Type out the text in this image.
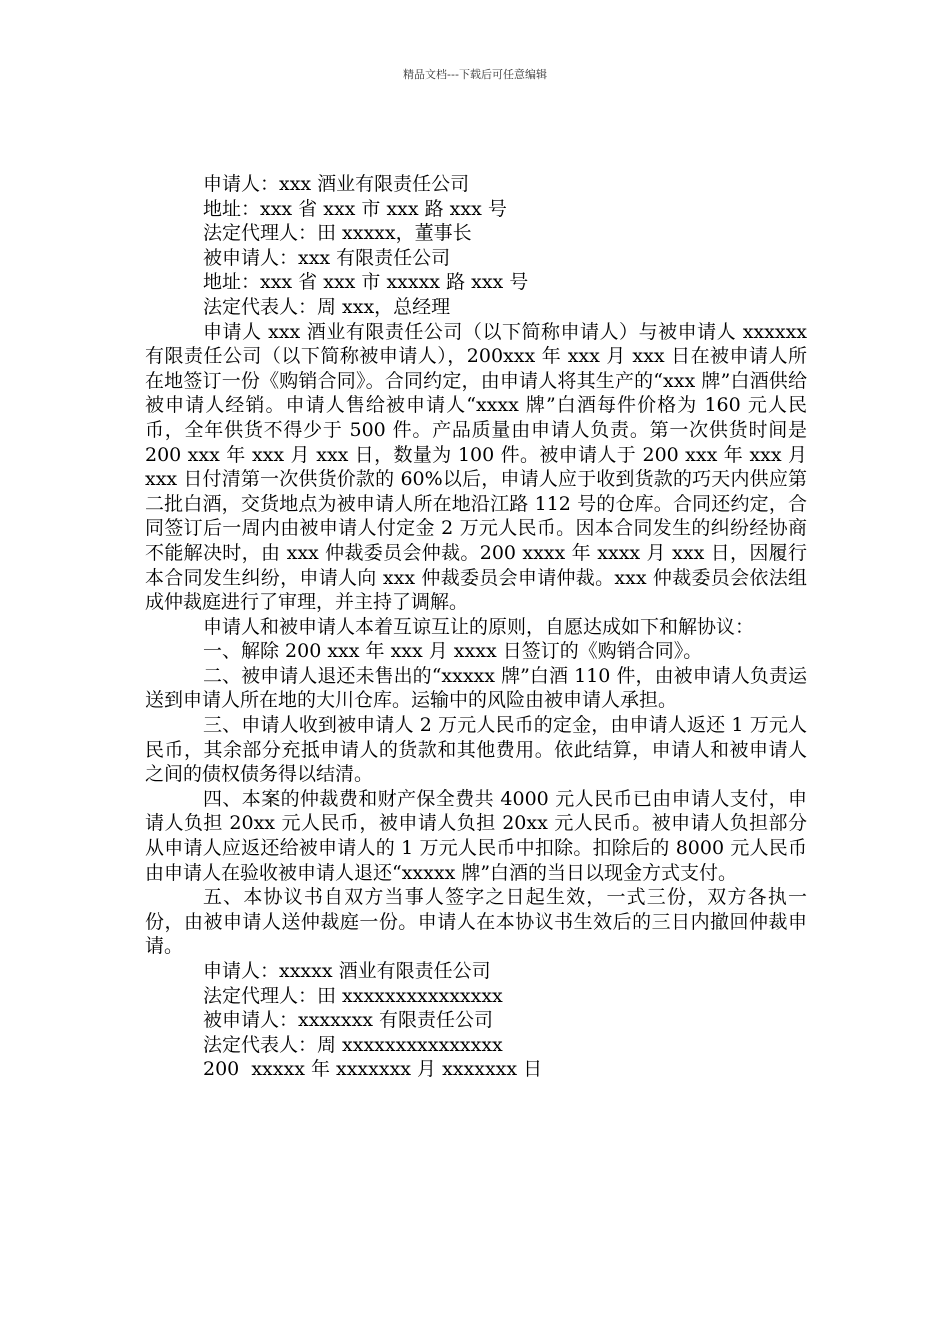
精品文档---下载后可任意编辑

申请人：xxx 酒业有限责任公司

地址：xxx 省 xxx 市 xxx 路 xxx 号

法定代理人：田 xxxxx，董事长

被申请人：xxx 有限责任公司

地址：xxx 省 xxx 市 xxxxx 路 xxx 号

法定代表人：周 xxx，总经理

申请人 xxx 酒业有限责任公司（以下简称申请人）与被申请人 xxxxxx 有限责任公司（以下简称被申请人），200xxx 年 xxx 月 xxx 日在被申请人所在地签订一份《购销合同》。合同约定，由申请人将其生产的“xxx 牌”白酒供给被申请人经销。申请人售给被申请人“xxxx 牌”白酒每件价格为 160 元人民币，全年供货不得少于 500 件。产品质量由申请人负责。第一次供货时间是 200 xxx 年 xxx 月 xxx 日，数量为 100 件。被申请人于 200 xxx 年 xxx 月 xxx 日付清第一次供货价款的 60%以后，申请人应于收到货款的巧天内供应第二批白酒，交货地点为被申请人所在地沿江路 112 号的仓库。合同还约定，合同签订后一周内由被申请人付定金 2 万元人民币。因本合同发生的纠纷经协商不能解决时，由 xxx 仲裁委员会仲裁。200 xxxx 年 xxxx 月 xxx 日，因履行本合同发生纠纷，申请人向 xxx 仲裁委员会申请仲裁。xxx 仲裁委员会依法组成仲裁庭进行了审理，并主持了调解。

申请人和被申请人本着互谅互让的原则，自愿达成如下和解协议：

一、解除 200 xxx 年 xxx 月 xxxx 日签订的《购销合同》。

二、被申请人退还未售出的“xxxxx 牌”白酒 110 件，由被申请人负责运送到申请人所在地的大川仓库。运输中的风险由被申请人承担。

三、申请人收到被申请人 2 万元人民币的定金，由申请人返还 1 万元人民币，其余部分充抵申请人的货款和其他费用。依此结算，申请人和被申请人之间的债权债务得以结清。

四、本案的仲裁费和财产保全费共 4000 元人民币已由申请人支付，申请人负担 20xx 元人民币，被申请人负担 20xx 元人民币。被申请人负担部分从申请人应返还给被申请人的 1 万元人民币中扣除。扣除后的 8000 元人民币由申请人在验收被申请人退还“xxxxx 牌”白酒的当日以现金方式支付。

五、本协议书自双方当事人签字之日起生效，一式三份，双方各执一份，由被申请人送仲裁庭一份。申请人在本协议书生效后的三日内撤回仲裁申请。

申请人：xxxxx 酒业有限责任公司

法定代理人：田 xxxxxxxxxxxxxxx

被申请人：xxxxxxx 有限责任公司

法定代表人：周 xxxxxxxxxxxxxxx

200  xxxxx 年 xxxxxxx 月 xxxxxxx 日
